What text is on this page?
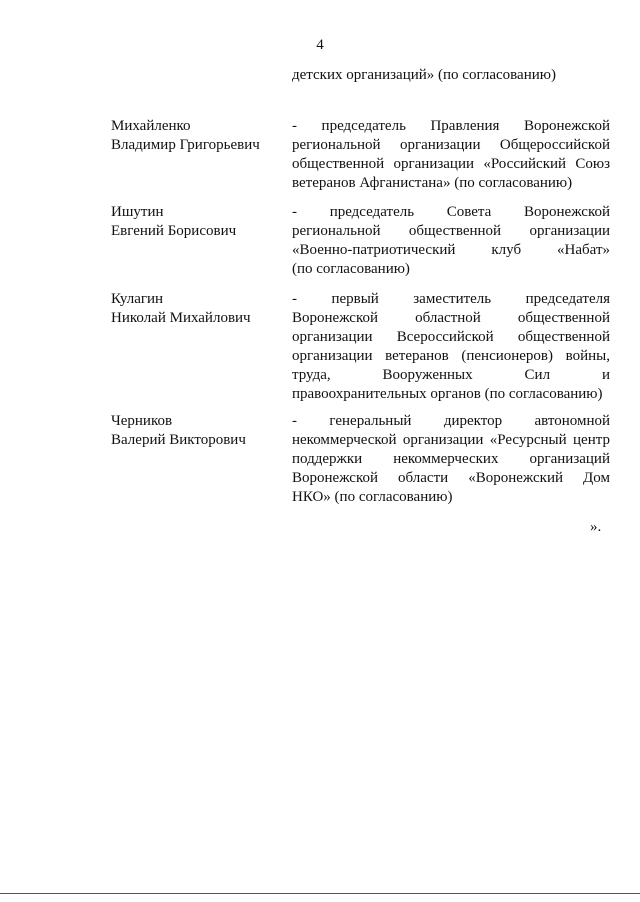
4
детских организаций» (по согласованию)
Михайленко
Владимир Григорьевич
- председатель Правления Воронежской
региональной организации Общероссийской
общественной организации «Российский Союз
ветеранов Афганистана» (по согласованию)
Ишутин
Евгений Борисович
- председатель Совета Воронежской
региональной общественной организации
«Военно-патриотический клуб «Набат»
(по согласованию)
Кулагин
Николай Михайлович
- первый заместитель председателя
Воронежской областной общественной
организации Всероссийской общественной
организации ветеранов (пенсионеров) войны,
труда,	Вооруженных	Сил	и
правоохранительных органов (по согласованию)
Черников
Валерий Викторович
- генеральный директор автономной
некоммерческой организации «Ресурсный центр
поддержки некоммерческих организаций
Воронежской области «Воронежский Дом
НКО» (по согласованию)
».
